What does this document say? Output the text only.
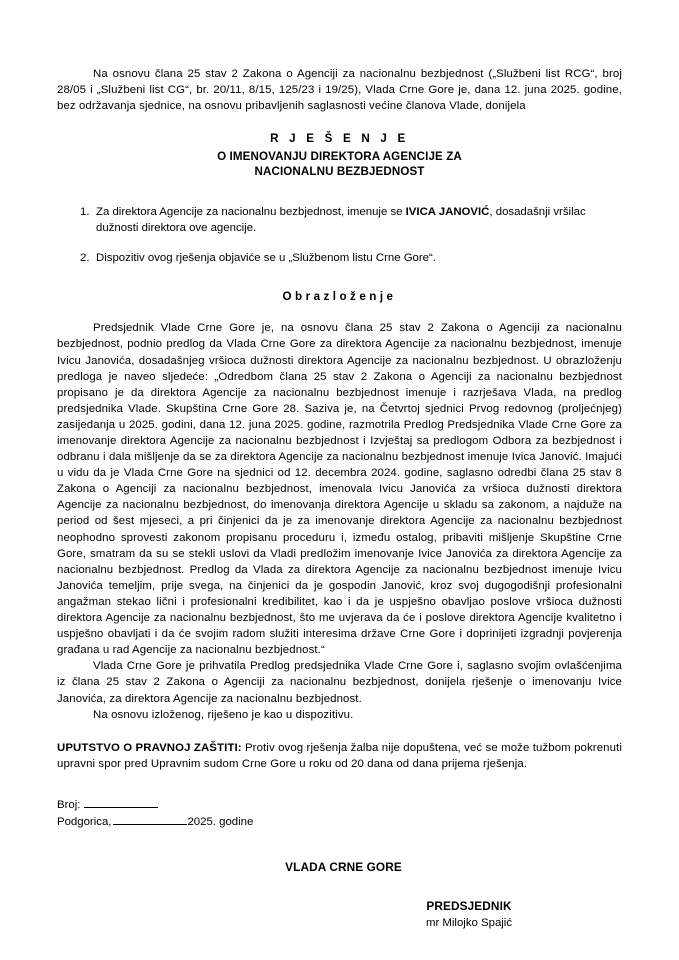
Na osnovu člana 25 stav 2 Zakona o Agenciji za nacionalnu bezbjednost („Službeni list RCG“, broj 28/05 i „Službeni list CG“, br. 20/11, 8/15, 125/23 i 19/25), Vlada Crne Gore je, dana 12. juna 2025. godine, bez održavanja sjednice, na osnovu pribavljenih saglasnosti većine članova Vlade, donijela

R J E Š E N J E
O IMENOVANJU DIREKTORA AGENCIJE ZA
NACIONALNU BEZBJEDNOST
1. Za direktora Agencije za nacionalnu bezbjednost, imenuje se IVICA JANOVIĆ, dosadašnji vršilac dužnosti direktora ove agencije.
2. Dispozitiv ovog rješenja objaviće se u „Službenom listu Crne Gore“.
Obrazloženje

Predsjednik Vlade Crne Gore je, na osnovu člana 25 stav 2 Zakona o Agenciji za nacionalnu bezbjednost, podnio predlog da Vlada Crne Gore za direktora Agencije za nacionalnu bezbjednost, imenuje Ivicu Janovića, dosadašnjeg vršioca dužnosti direktora Agencije za nacionalnu bezbjednost. U obrazloženju predloga je naveo sljedeće: „Odredbom člana 25 stav 2 Zakona o Agenciji za nacionalnu bezbjednost propisano je da direktora Agencije za nacionalnu bezbjednost imenuje i razrješava Vlada, na predlog predsjednika Vlade. Skupština Crne Gore 28. Saziva je, na Četvrtoj sjednici Prvog redovnog (proljećnjeg) zasijedanja u 2025. godini, dana 12. juna 2025. godine, razmotrila Predlog Predsjednika Vlade Crne Gore za imenovanje direktora Agencije za nacionalnu bezbjednost i Izvještaj sa predlogom Odbora za bezbjednost i odbranu i dala mišljenje da se za direktora Agencije za nacionalnu bezbjednost imenuje Ivica Janović. Imajući u vidu da je Vlada Crne Gore na sjednici od 12. decembra 2024. godine, saglasno odredbi člana 25 stav 8 Zakona o Agenciji za nacionalnu bezbjednost, imenovala Ivicu Janovića za vršioca dužnosti direktora Agencije za nacionalnu bezbjednost, do imenovanja direktora Agencije u skladu sa zakonom, a najduže na period od šest mjeseci, a pri činjenici da je za imenovanje direktora Agencije za nacionalnu bezbjednost neophodno sprovesti zakonom propisanu proceduru i, između ostalog, pribaviti mišljenje Skupštine Crne Gore, smatram da su se stekli uslovi da Vladi predložim imenovanje Ivice Janovića za direktora Agencije za nacionalnu bezbjednost. Predlog da Vlada za direktora Agencije za nacionalnu bezbjednost imenuje Ivicu Janovića temeljim, prije svega, na činjenici da je gospodin Janović, kroz svoj dugogodišnji profesionalni angažman stekao lični i profesionalni kredibilitet, kao i da je uspješno obavljao poslove vršioca dužnosti direktora Agencije za nacionalnu bezbjednost, što me uvjerava da će i poslove direktora Agencije kvalitetno i uspješno obavljati i da će svojim radom služiti interesima države Crne Gore i doprinijeti izgradnji povjerenja građana u rad Agencije za nacionalnu bezbjednost.“

Vlada Crne Gore je prihvatila Predlog predsjednika Vlade Crne Gore i, saglasno svojim ovlašćenjima iz člana 25 stav 2 Zakona o Agenciji za nacionalnu bezbjednost, donijela rješenje o imenovanju Ivice Janovića, za direktora Agencije za nacionalnu bezbjednost.

Na osnovu izloženog, riješeno je kao u dispozitivu.

UPUTSTVO O PRAVNOJ ZAŠTITI: Protiv ovog rješenja žalba nije dopuštena, već se može tužbom pokrenuti upravni spor pred Upravnim sudom Crne Gore u roku od 20 dana od dana prijema rješenja.

Broj:
Podgorica,	2025. godine
VLADA CRNE GORE
PREDSJEDNIK
mr Milojko Spajić
